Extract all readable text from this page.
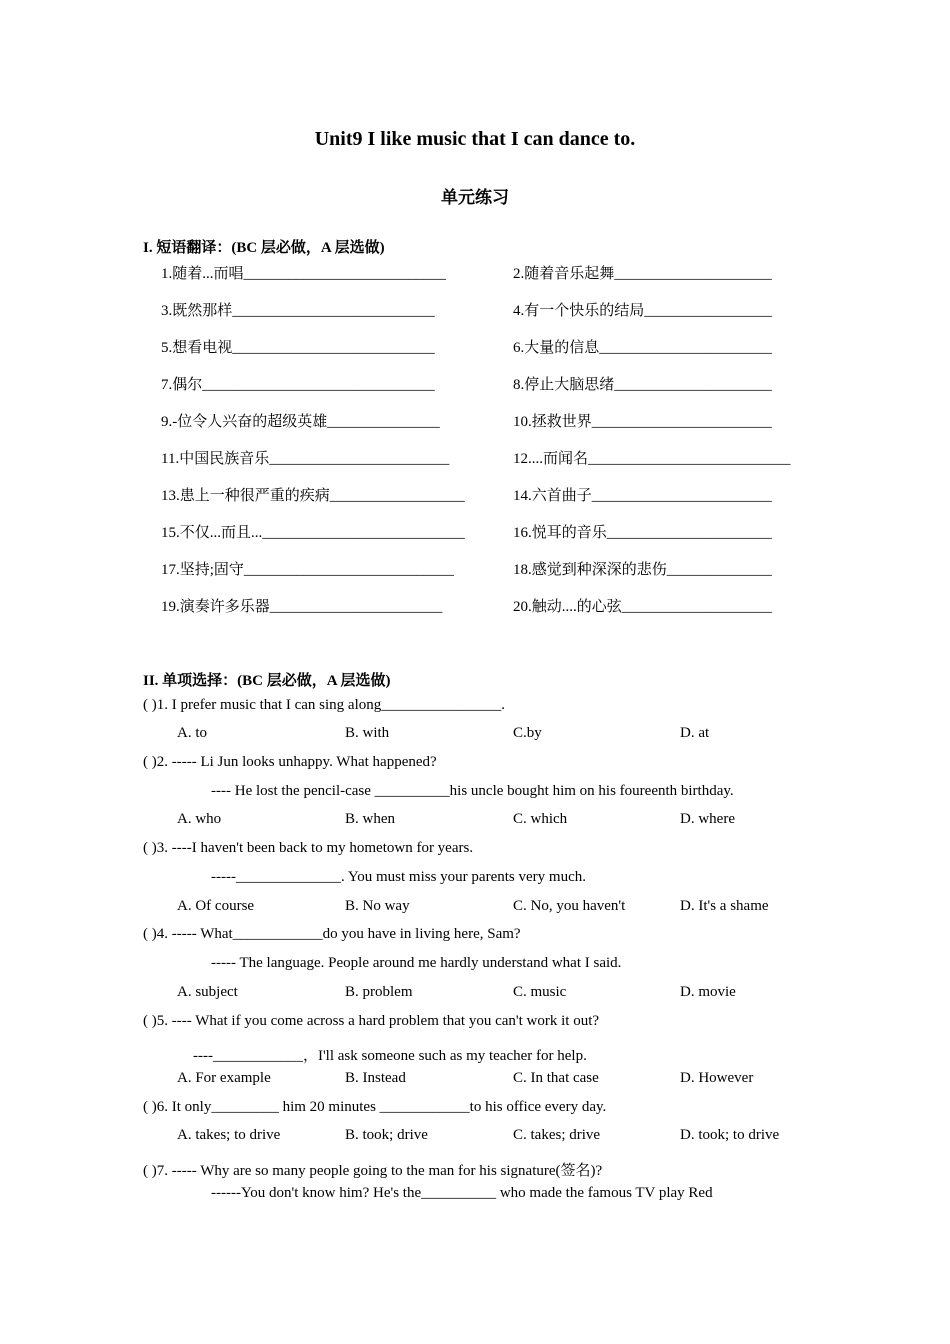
Unit9 I like music that I can dance to.
单元练习
I. 短语翻译：(BC 层必做，A 层选做)
1.随着...而唱___________________________	2.随着音乐起舞_____________________
3.既然那样___________________________	4.有一个快乐的结局_________________
5.想看电视___________________________	6.大量的信息_______________________
7.偶尔_______________________________	8.停止大脑思绪_____________________
9.-位令人兴奋的超级英雄_______________	10.拯救世界________________________
11.中国民族音乐________________________	12....而闻名___________________________
13.患上一种很严重的疾病__________________	14.六首曲子________________________
15.不仅...而且...___________________________	16.悦耳的音乐______________________
17.坚持;固守____________________________	18.感觉到种深深的悲伤______________
19.演奏许多乐器_______________________	20.触动....的心弦____________________
II. 单项选择：(BC 层必做，A 层选做)
( )1. I prefer music that I can sing along________________.
A. to	B. with	C.by	D. at
( )2. ----- Li Jun looks unhappy. What happened?
---- He lost the pencil-case __________his uncle bought him on his foureenth birthday.
A. who	B. when	C. which	D. where
( )3. ----I haven't been back to my hometown for years.
-----______________. You must miss your parents very much.
A. Of course	B. No way	C. No, you haven't	D. It's a shame
( )4. ----- What____________do you have in living here, Sam?
----- The language. People around me hardly understand what I said.
A. subject	B. problem	C. music	D. movie
( )5. ---- What if you come across a hard problem that you can't work it out?
----____________，I'll ask someone such as my teacher for help.
A. For example	B. Instead	C. In that case	D. However
( )6. It only_________ him 20 minutes ____________to his office every day.
A. takes; to drive	B. took; drive	C. takes; drive	D. took; to drive
( )7. ----- Why are so many people going to the man for his signature(签名)?
------You don't know him? He's the__________ who made the famous TV play Red
